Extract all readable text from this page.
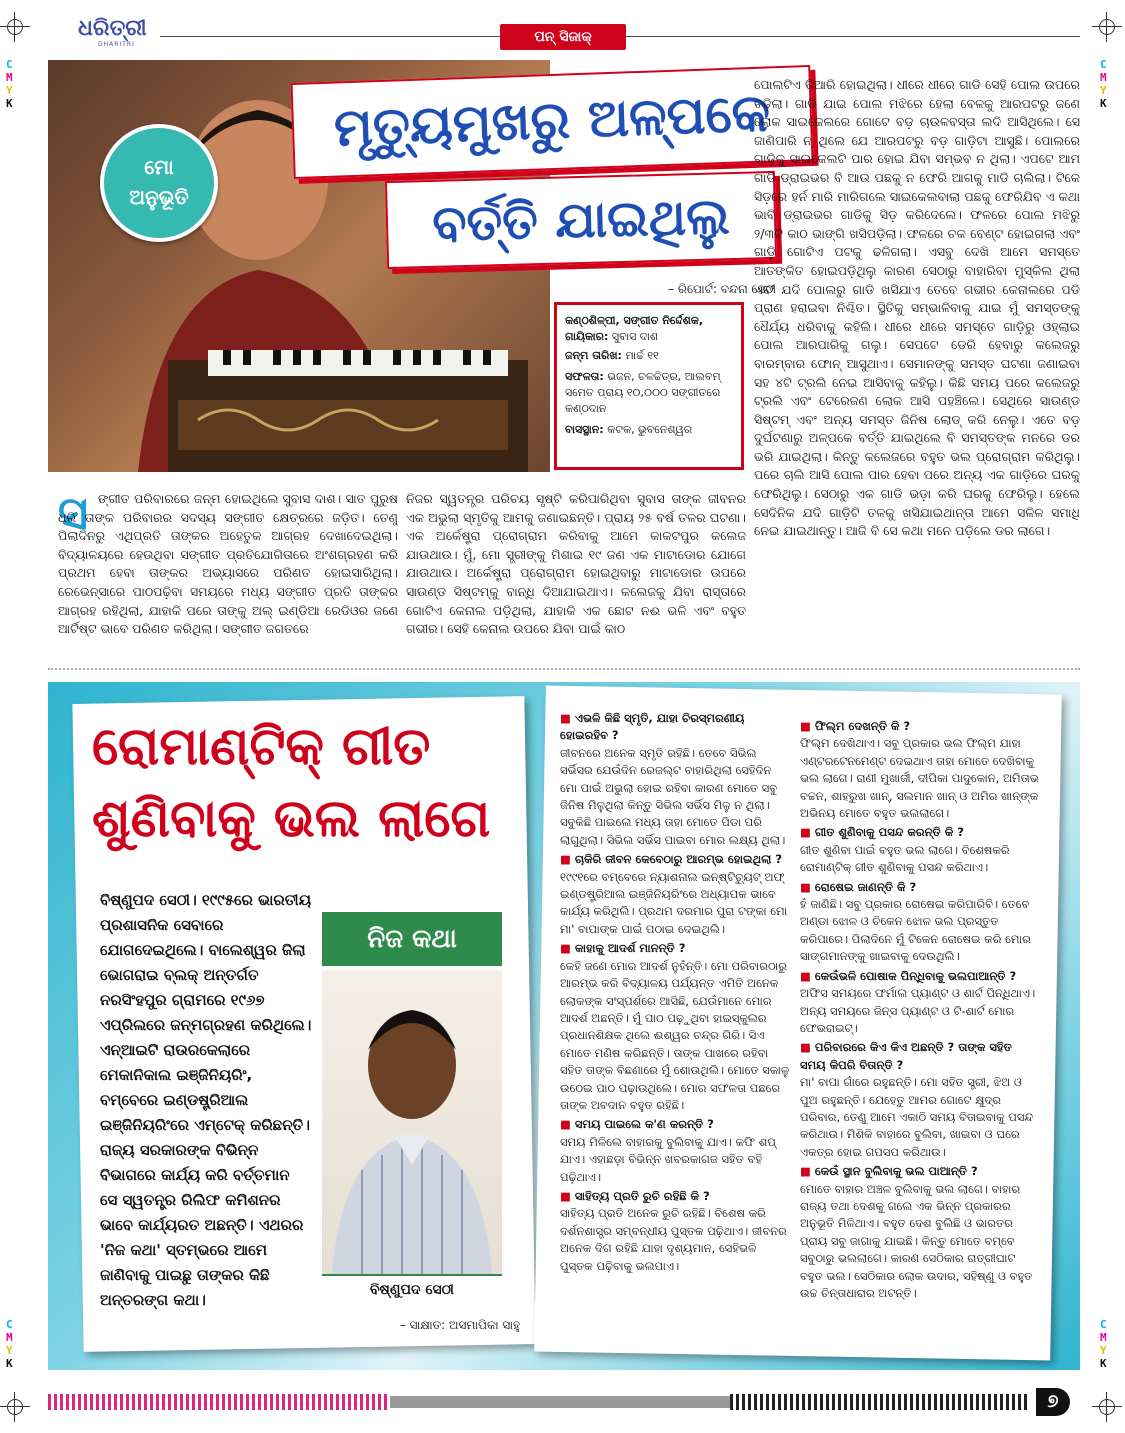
C
M
Y
K
C
M
Y
K
C
M
Y
K
C
M
Y
K
ଧରିତ୍ରୀ
DHARITRI	ପନ୍ ସିଜାକ୍
ମୋ ଅନୁଭୂତି
ମୃତ୍ୟୁମୁଖରୁ ଅଳ୍ପକେ
ବର୍ତ୍ତି ଯାଇଥିଲୁ
– ରିପୋର୍ଟ: ବନ୍ଦନା ସେଠୀ
କଣ୍ଠଶିଳ୍ପୀ, ସଙ୍ଗୀତ ନିର୍ଦ୍ଦେଶକ,
ଗାୟିକାର: ସୁବାସ ଦାଶ
ଜନ୍ମ ତାରିଖ: ମାର୍ଚ୍ଚ ୧୧
ସଫଳତା: ଭଜନ, ଚଳଚ୍ଚିତ୍ର, ଆଲବମ୍ ସମେତ ପ୍ରାୟ ୧୦,୦୦୦ ସଙ୍ଗୀତରେ କଣ୍ଠଦାନ
ବାସସ୍ଥାନ: କଟକ, ଭୁବନେଶ୍ୱର
ପୋଲଟିଏ ତିଆରି ହୋଇଥିଲା। ଧୀରେ ଧୀରେ ଗାଡି ସେହି ପୋଲ ଉପରେ ଚଢ଼ିଲା। ଗାଡି ଯାଇ ପୋଲ ମଝିରେ ହେଲା ବେଳକୁ ଆରପଟରୁ ଜଣେ ଲୋକ ସାଇକେଲରେ ଗୋଟେ ବଡ଼ ଚାଉଳବସ୍ତା ଲଦି ଆସିଥିଲେ। ସେ ଜାଣିପାରି ନ ଥିଲେ ଯେ ଆରପଟରୁ ବଡ଼ ଗାଡ଼ିଟା ଆସୁଛି। ପୋଲରେ ଗାଡ଼ିକୁ ସାଇକେଲଟି ପାର ହୋଇ ଯିବା ସମ୍ଭବ ନ ଥିଲା। ଏପଟେ ଆମ ଗାଡି ଡ୍ରାଇଭର ବି ଆଉ ପଛକୁ ନ ଫେରି ଆଗକୁ ମାଡି ଚାଲିଲା। ଟିକେ ସିଡ଼ରେ ହର୍ନ ମାରି ମାରିଗଲେ ସାଇକେଲବାଲା ପଛକୁ ଫେରିଯିବ ଏ କଥା ଭାବି ଡ୍ରାଇଭର ଗାଡିକୁ ସିଡ଼ କରିଦେଲେ। ଫଳରେ ପୋଲ ମଝିରୁ ୨/୩ଟି କାଠ ଭାଙ୍ଗି ଖସିପଡ଼ିଲା। ଫଳରେ ଚକ ବେଣ୍ଟ ହୋଇଗଲା ଏବଂ ଗାଡ଼ି ଗୋଟିଏ ପଟକୁ ଢଳିଗଲା। ଏସବୁ ଦେଖି ଆମେ ସମସ୍ତେ ଆତଙ୍କିତ ହୋଇପଡ଼ିଥିଲୁ କାରଣ ସେଠାରୁ ବାହାରିବା ମୁସ୍କିଲ ଥିଲା ଏବଂ ଯଦି ପୋଲରୁ ଗାଡି ଖସିଯାଏ ତେବେ ଗଭୀର କେନାଲରେ ପଡି ପ୍ରାଣ ହରାଇବା ନିଶ୍ଚିତ। ସ୍ଥିତିକୁ ସମ୍ଭାଳିବାକୁ ଯାଇ ମୁଁ ସମସ୍ତଙ୍କୁ ଧୈର୍ଯ୍ୟ ଧରିବାକୁ କହିଲି। ଧୀରେ ଧୀରେ ସମସ୍ତେ ଗାଡ଼ିରୁ ଓହ୍ଲାଇ ପୋଲ ଆରପାରିକୁ ଗଲୁ। ସେପଟେ ଡେରି ହେବାରୁ କଲେଜରୁ ବାରମ୍ବାର ଫୋନ୍ ଆସୁଥାଏ। ସେମାନଙ୍କୁ ସମସ୍ତ ଘଟଣା ଜଣାଇବା ସହ ୪ଟି ଟ୍ରଲି ନେଇ ଆସିବାକୁ କହିଲୁ। କିଛି ସମୟ ପରେ କଲେଜରୁ ଟ୍ରଲି ଏବଂ ଟେରେଜଣ ଲୋକ ଆସି ପହଞ୍ଚିଲେ। ସେଥିରେ ସାଉଣ୍ଡ ସିଷ୍ଟମ୍ ଏବଂ ଅନ୍ୟ ସମସ୍ତ ଜିନିଷ ଲୋଡ୍ କରି ନେଲୁ। ଏତେ ବଡ଼ ଦୁର୍ଘଟଣାରୁ ଅଳ୍ପକେ ବର୍ତ୍ତି ଯାଇଥିଲେ ବି ସମସ୍ତଙ୍କ ମନରେ ଡର ଭରି ଯାଇଥିଲା। କିନ୍ତୁ କଲେଜରେ ବହୁତ ଭଲ ପ୍ରୋଗ୍ରାମ କରିଥିଲୁ। ପରେ ଚାଲି ଆସି ପୋଲ ପାର ହେବା ପରେ ଅନ୍ୟ ଏକ ଗାଡ଼ିରେ ଘରକୁ ଫେରିଥିଲୁ। ସେଠାରୁ ଏକ ଗାଡି ଭଡ଼ା କରି ଘରକୁ ଫେରିଲୁ। ହେଲେ ସେଦିନିକ ଯଦି ଗାଡ଼ିଟି ତଳକୁ ଖସିଯାଇଥାନ୍ତା ଆମେ ସଳିଳ ସମାଧି ନେଇ ଯାଇଥାନ୍ତୁ। ଆଜି ବି ସେ କଥା ମନେ ପଡ଼ିଲେ ଡର ଲାଗେ।
ସ ଙ୍ଗୀତ ପରିବାରରେ ଜନ୍ମ ହୋଇଥିଲେ ସୁବାସ ଦାଶ। ସାତ ପୁରୁଷ ଧରି ତାଙ୍କ ପରିବାରର ସଦସ୍ୟ ସଙ୍ଗୀତ କ୍ଷେତ୍ରରେ ଜଡ଼ିତ। ତେଣୁ ପିଲାଦିନରୁ ଏଥିପ୍ରତି ତାଙ୍କର ଅହେତୁକ ଆଗ୍ରହ ଦେଖାଦେଇଥିଲା। ବିଦ୍ୟାଳୟରେ ହେଉଥିବା ସଙ୍ଗୀତ ପ୍ରତିଯୋଗିତାରେ ଅଂଶଗ୍ରହଣ କରି ପ୍ରଥମ ହେବା ତାଙ୍କର ଅଭ୍ୟାସରେ ପରିଣତ ହୋଇସାରିଥିଲା। ରେଭେନ୍ସାରେ ପାଠପଢ଼ିବା ସମୟରେ ମଧ୍ୟ ସଙ୍ଗୀତ ପ୍ରତି ତାଙ୍କର ଆଗ୍ରହ ରହିଥିଲା, ଯାହାକି ପରେ ତାଙ୍କୁ ଅଲ୍ ଇଣ୍ଡିଆ ରେଡିଓର ଜଣେ ଆର୍ଟିଷ୍ଟ ଭାବେ ପରିଣତ କରିଥିଲା। ସଙ୍ଗୀତ ଜଗତରେ
ନିଜର ସ୍ୱତନ୍ତ୍ର ପରିଚୟ ସୃଷ୍ଟି କରିପାରିଥିବା ସୁବାସ ତାଙ୍କ ଜୀବନର ଏକ ଅଭୁଲା ସ୍ମୃତିକୁ ଆମକୁ ଜଣାଇଛନ୍ତି। ପ୍ରାୟ ୨୫ ବର୍ଷ ତଳର ଘଟଣା। ଏକ ଅର୍କେଷ୍ଟ୍ରା ପ୍ରୋଗ୍ରାମ କରିବାକୁ ଆମେ କାକଟପୁର କଲେଜ ଯାଉଥାଉ। ମୁଁ, ମୋ ସ୍ତ୍ରୀଙ୍କୁ ମିଶାଇ ୧୯ ଜଣ ଏକ ମାଟାଡୋର ଯୋଗେ ଯାଉଥାଉ। ଅର୍କେଷ୍ଟ୍ରା ପ୍ରୋଗ୍ରାମ ହୋଇଥିବାରୁ ମାଟାଡୋର ଉପରେ ସାଉଣ୍ଡ ସିଷ୍ଟମ୍‌କୁ ବାନ୍ଧି ଦିଆଯାଇଥାଏ। କଲେଜକୁ ଯିବା ରାସ୍ତାରେ ଗୋଟିଏ କେନାଲ ପଡ଼ିଥିଲା, ଯାହାକି ଏକ ଛୋଟ ନଈ ଭଳି ଏବଂ ବହୁତ ଗଭୀର। ସେହି କେନାଲ ଉପରେ ଯିବା ପାଇଁ କାଠ
ରୋମାଣ୍ଟିକ୍ ଗୀତ
ଶୁଣିବାକୁ ଭଲ ଲାଗେ
ବିଷ୍ଣୁପଦ ସେଠୀ। ୧୯୯୫ରେ ଭାରତୀୟ ପ୍ରଶାସନିକ ସେବାରେ ଯୋଗଦେଇଥିଲେ। ବାଲେଶ୍ୱର ଜିଲା ଭୋଗରାଇ ବ୍ଲକ୍ ଅନ୍ତର୍ଗତ ନରସିଂହପୁର ଗ୍ରାମରେ ୧୯୬୭ ଏପ୍ରିଲରେ ଜନ୍ମଗ୍ରହଣ କରିଥିଲେ। ଏନ୍ଆଇଟି ରାଉରକେଲାରେ ମେକାନିକାଲ ଇଞ୍ଜିନିୟରିଂ, ବମ୍ବେରେ ଇଣ୍ଡଷ୍ଟ୍ରିଆଲ ଇଞ୍ଜିନିୟରିଂରେ ଏମ୍‌ଟେକ୍ କରିଛନ୍ତି। ରାଜ୍ୟ ସରକାରଙ୍କ ବିଭିନ୍ନ ବିଭାଗରେ କାର୍ଯ୍ୟ କରି ବର୍ତ୍ତମାନ ସେ ସ୍ୱତନ୍ତ୍ର ରିଲିଫ କମିଶନର ଭାବେ କାର୍ଯ୍ୟରତ ଅଛନ୍ତି। ଏଥରର 'ନିଜ କଥା' ସ୍ତମ୍ଭରେ ଆମେ ଜାଣିବାକୁ ପାଇଛୁ ତାଙ୍କର କିଛି ଅନ୍ତରଙ୍ଗ କଥା।
ନିଜ କଥା
ବିଷ୍ଣୁପଦ ସେଠୀ
– ସାକ୍ଷାତ: ଅସମାପିକା ସାହୁ
■ ଏଭଳି କିଛି ସ୍ମୃତି, ଯାହା ଚିରସ୍ମରଣୀୟ ହୋଇରହିବ ?
ଜୀବନରେ ଅନେକ ସ୍ମୃତି ରହିଛି। ତେବେ ସିଭିଲ ସର୍ଭିସର ଯେଉଁଦିନ ରେଜଲ୍ଟ ବାହାରିଥିଲା ସେହିଦିନ ମୋ ପାଇଁ ଅଭୁଲା ହୋଇ ରହିବା କାରଣ ମୋତେ ସବୁ ଜିନିଷ ମିଳୁଥିଲା କିନ୍ତୁ ସିଭିଲ ସର୍ଭିସ ମିଳୁ ନ ଥିଲା। ସବୁକିଛି ପାଇଲେ ମଧ୍ୟ ତାହା ମୋତେ ପିଡା ପରି ଲାଗୁଥିଲା। ସିଭିଲ ସର୍ଭିସ ପାଇବା ମୋର ଲକ୍ଷ୍ୟ ଥିଲା।
■ ଚାକିରି ଜୀବନ କେବେଠାରୁ ଆରମ୍ଭ ହୋଇଥିଲା ?
୧୯୯୧ରେ ବମ୍ବେରେ ନ୍ୟାଶନାଲ ଇନ୍‌ଷ୍ଟିଚ୍ୟୁଟ୍ ଅଫ୍ ଇଣ୍ଡଷ୍ଟ୍ରିଆଲ ଇଞ୍ଜିନିୟରିଂରେ ଅଧ୍ୟାପକ ଭାବେ କାର୍ଯ୍ୟ କରିଥିଲି। ପ୍ରଥମ ଦରମାର ପୁରା ଟଙ୍କା ମୋ ମା' ବାପାଙ୍କ ପାଇଁ ପଠାଇ ଦେଇଥିଲି।
■ କାହାକୁ ଆଦର୍ଶ ମାନନ୍ତି ?
କେହି ଜଣେ ମୋର ଆଦର୍ଶ ନୁହଁନ୍ତି। ମୋ ପରିବାରଠାରୁ ଆରମ୍ଭ କରି ବିଦ୍ୟାଳୟ ପର୍ଯ୍ୟନ୍ତ ଏମିତି ଅନେକ ଲୋକଙ୍କ ସଂସ୍ପର୍ଶରେ ଆସିଛି, ଯେଉଁମାନେ ମୋର ଆଦର୍ଶ ଅଛନ୍ତି। ମୁଁ ପାଠ ପଢ଼ୁଥିବା ହାଇସ୍କୁଲର ପ୍ରଧାନଶିକ୍ଷକ ଥିଲେ ଈଶ୍ୱର ଚନ୍ଦ୍ର ଗିରି। ସିଏ ମୋତେ ମଣିଷ କରିଛନ୍ତି। ତାଙ୍କ ପାଖରେ ରହିବା ସହିତ ତାଙ୍କ ବିଛଣାରେ ମୁଁ ଶୋଉଥିଲି। ମୋତେ ସକାଳୁ ଉଠେଇ ପାଠ ପଢ଼ାଉଥିଲେ। ମୋର ସଫଳତା ପଛରେ ତାଙ୍କ ଅବଦାନ ବହୁତ ରହିଛି।
■ ସମୟ ପାଇଲେ କ'ଣ କରନ୍ତି ?
ସମୟ ମିଳିଲେ ବାହାରକୁ ବୁଲିବାକୁ ଯାଏ। କଫି ଶପ୍ ଯାଏ। ଏହାଛଡ଼ା ବିଭିନ୍ନ ଖବରକାଗଜ ସହିତ ବହି ପଢ଼ିଥାଏ।
■ ସାହିତ୍ୟ ପ୍ରତି ରୁଚି ରହିଛି କି ?
ସାହିତ୍ୟ ପ୍ରତି ଅନେକ ରୁଚି ରହିଛି। ବିଶେଷ କରି ଦର୍ଶନଶାସ୍ତ୍ର ସମ୍ବନ୍ଧୀୟ ପୁସ୍ତକ ପଢ଼ିଥାଏ। ଜୀବନର ଅନେକ ଦିଗ ରହିଛି ଯାହା ଦୃଶ୍ୟମାନ, ସେହିଭଳି ପୁସ୍ତକ ପଢ଼ିବାକୁ ଭଲପାଏ।
■ ଫିଲ୍ମ ଦେଖନ୍ତି କି ?
ଫିଲ୍ମ ଦେଖିଥାଏ। ସବୁ ପ୍ରକାର ଭଲ ଫିଲ୍ମ ଯାହା ଏଣ୍ଟରଟେନମେଣ୍ଟ ଦେଇଥାଏ ତାହା ମୋତେ ଦେଖିବାକୁ ଭଲ ଲାଗେ। ରାଣୀ ମୁଖାର୍ଜୀ, ଦୀପିକା ପାଦୁକୋନ, ଅମିତାଭ ବଚ୍ଚନ, ଶାହରୁଖ ଖାନ୍, ସଲମାନ ଖାନ୍ ଓ ଅମିର ଖାନ୍‌ଙ୍କ ଅଭିନୟ ମୋତେ ବହୁତ ଭଲଲାଗେ।
■ ଗୀତ ଶୁଣିବାକୁ ପସନ୍ଦ କରନ୍ତି କି ?
ଗୀତ ଶୁଣିବା ପାଇଁ ବହୁତ ଭଲ ଲାଗେ। ବିଶେଷକରି ରୋମାଣ୍ଟିକ୍ ଗୀତ ଶୁଣିବାକୁ ପସନ୍ଦ କରିଥାଏ।
■ ରୋଷେଇ ଜାଣନ୍ତି କି ?
ହଁ ଜାଣିଛି। ସବୁ ପ୍ରକାର ରୋଷେଇ କରିପାରିବି। ତେବେ ଅଣ୍ଡା ଝୋଳ ଓ ଚିକେନ ଝୋଳ ଭଲ ପ୍ରସ୍ତୁତ କରିପାରେ। ପିଲାଦିନେ ମୁଁ ଟିକେନ ରୋଷେଇ କରି ମୋର ସାଙ୍ଗମାନଙ୍କୁ ଖାଇବାକୁ ଦେଉଥିଲି।
■ କେଉଁଭଳି ପୋଷାକ ପିନ୍ଧିବାକୁ ଭଲପାଆନ୍ତି ?
ଅଫିସ ସମୟରେ ଫର୍ମାଲ ପ୍ୟାଣ୍ଟ ଓ ଶାର୍ଟ ପିନ୍ଧିଥାଏ। ଅନ୍ୟ ସମୟରେ ଜିନ୍ସ ପ୍ୟାଣ୍ଟ ଓ ଟି-ଶାର୍ଟ ମୋର ଫେଭରାଇଟ୍।
■ ପରିବାରରେ କିଏ କିଏ ଅଛନ୍ତି ? ତାଙ୍କ ସହିତ ସମୟ କିପରି ବିତାନ୍ତି ?
ମା' ବାପା ଗାଁରେ ରହୁଛନ୍ତି। ମୋ ସହିତ ସ୍ତ୍ରୀ, ଝିଅ ଓ ପୁଅ ରହୁଛନ୍ତି। ଯେହେତୁ ଆମର ଗୋଟେ କ୍ଷୁଦ୍ର ପରିବାର, ତେଣୁ ଆମେ ଏକାଠି ସମୟ ବିତାଇବାକୁ ପସନ୍ଦ କରିଥାଉ। ମିଶିକି ବାହାରେ ବୁଲିବା, ଖାଇବା ଓ ଘରେ ଏକତ୍ର ହୋଇ ଗପସପ କରିଥାଉ।
■ କେଉଁ ସ୍ଥାନ ବୁଲିବାକୁ ଭଲ ପାଆନ୍ତି ?
ମୋତେ ବାହାର ଅଞ୍ଚଳ ବୁଲିବାକୁ ଭଲ ଲାଗେ। ବାହାର ରାଜ୍ୟ ତଥା ଦେଶକୁ ଗଲେ ଏକ ଭିନ୍ନ ପ୍ରକାରର ଅନୁଭୂତି ମିଳିଥାଏ। ବହୁତ ଦେଶ ବୁଲିଛି ଓ ଭାରତର ପ୍ରାୟ ସବୁ ଜାଗାକୁ ଯାଇଛି। କିନ୍ତୁ ମୋତେ ବମ୍ବେ ସବୁଠାରୁ ଭଲଲାଗେ। କାରଣ ସେଠିକାର ରାତ୍ରୀଘାଟ ବହୁତ ଭଲ। ସେଠିକାର ଲୋକ ଉଦାର, ସହିଷ୍ଣୁ ଓ ବହୁତ ଉଚ୍ଚ ଚିନ୍ତାଧାରାର ଅଟନ୍ତି।
୭
